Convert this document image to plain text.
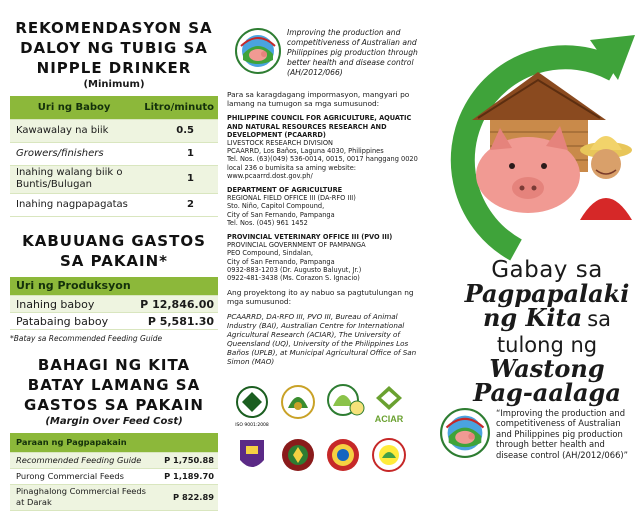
REKOMENDASYON SA
DALOY NG TUBIG SA
NIPPLE DRINKER
(Minimum)
Uri ng Baboy	Litro/minuto
Kawawalay na biik	0.5
Growers/finishers	1
Inahing walang biik o Buntis/Bulugan	1
Inahing nagpapagatas	2
KABUUANG GASTOS
SA PAKAIN*
Uri ng Produksyon	
Inahing baboy	P 12,846.00
Patabaing baboy	P 5,581.30
*Batay sa Recommended Feeding Guide
BAHAGI NG KITA
BATAY LAMANG SA
GASTOS SA PAKAIN
(Margin Over Feed Cost)
Paraan ng Pagpapakain	
Recommended Feeding Guide	P 1,750.88
Purong Commercial Feeds	P 1,189.70
Pinaghalong Commercial Feeds at Darak	P 822.89
Improving the production and competitiveness of Australian and Philippines pig production through better health and disease control (AH/2012/066)
Para sa karagdagang impormasyon, mangyari po lamang na tumugon sa mga sumusunod:
PHILIPPINE COUNCIL FOR AGRICULTURE, AQUATIC AND NATURAL RESOURCES RESEARCH AND DEVELOPMENT (PCAARRD)
LIVESTOCK RESEARCH DIVISION
PCAARRD, Los Baños, Laguna 4030, Philippines
Tel. Nos. (63)(049) 536-0014, 0015, 0017 hanggang 0020 local 236 o bumisita sa aming website:
www.pcaarrd.dost.gov.ph/
DEPARTMENT OF AGRICULTURE
REGIONAL FIELD OFFICE III (DA-RFO III)
Sto. Niño, Capitol Compound,
City of San Fernando, Pampanga
Tel. Nos. (045) 961 1452
PROVINCIAL VETERINARY OFFICE III (PVO III)
PROVINCIAL GOVERNMENT OF PAMPANGA
PEO Compound, Sindalan,
City of San Fernando, Pampanga
0932-883-1203 (Dr. Augusto Baluyut, Jr.)
0922-481-3438 (Ms. Corazon S. Ignacio)
Ang proyektong ito ay nabuo sa pagtutulungan ng mga sumusunod:
PCAARRD, DA-RFO III, PVO III, Bureau of Animal Industry (BAI), Australian Centre for International Agricultural Research (ACIAR), The University of Queensland (UQ), University of the Philippines Los Baños (UPLB), at Municipal Agricultural Office of San Simon (MAO)
ISO 9001:2008
ACIAR
Gabay sa
Pagpapalaki
ng Kita sa
tulong ng
Wastong
Pag-aalaga
“Improving the production and competitiveness of Australian and Philippines pig production through better health and disease control (AH/2012/066)”
